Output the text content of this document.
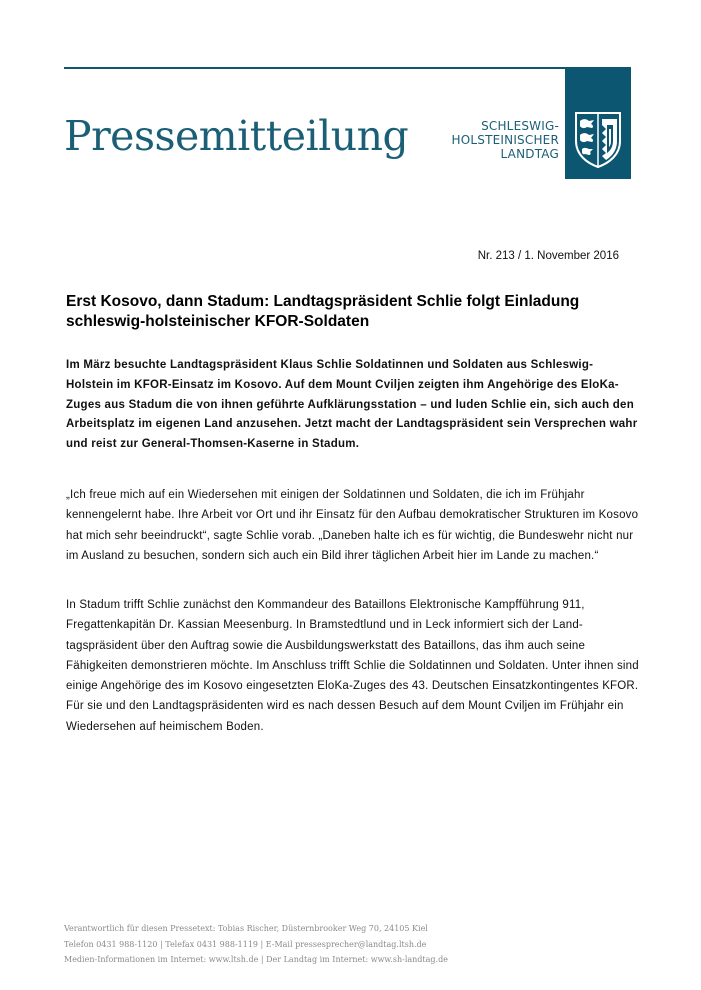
Pressemitteilung	SCHLESWIG-
HOLSTEINISCHER
LANDTAG
Nr. 213 / 1. November 2016
Erst Kosovo, dann Stadum: Landtagspräsident Schlie folgt Einladung schleswig-holsteinischer KFOR-Soldaten
Im März besuchte Landtagspräsident Klaus Schlie Soldatinnen und Soldaten aus Schleswig-Holstein im KFOR-Einsatz im Kosovo. Auf dem Mount Cviljen zeigten ihm Angehörige des EloKa-Zuges aus Stadum die von ihnen geführte Aufklärungsstation – und luden Schlie ein, sich auch den Arbeitsplatz im eigenen Land anzusehen. Jetzt macht der Landtagspräsident sein Versprechen wahr und reist zur General-Thomsen-Kaserne in Stadum.
„Ich freue mich auf ein Wiedersehen mit einigen der Soldatinnen und Soldaten, die ich im Frühjahr kennengelernt habe. Ihre Arbeit vor Ort und ihr Einsatz für den Aufbau demokratischer Strukturen im Kosovo hat mich sehr beeindruckt“, sagte Schlie vorab. „Daneben halte ich es für wichtig, die Bundeswehr nicht nur im Ausland zu besuchen, sondern sich auch ein Bild ihrer täglichen Arbeit hier im Lande zu machen.“
In Stadum trifft Schlie zunächst den Kommandeur des Bataillons Elektronische Kampfführung 911, Fregattenkapitän Dr. Kassian Meesenburg. In Bramstedtlund und in Leck informiert sich der Land-tagspräsident über den Auftrag sowie die Ausbildungswerkstatt des Bataillons, das ihm auch seine Fähigkeiten demonstrieren möchte. Im Anschluss trifft Schlie die Soldatinnen und Soldaten. Unter ihnen sind einige Angehörige des im Kosovo eingesetzten EloKa-Zuges des 43. Deutschen Einsatzkontingentes KFOR. Für sie und den Landtagspräsidenten wird es nach dessen Besuch auf dem Mount Cviljen im Frühjahr ein Wiedersehen auf heimischem Boden.
Verantwortlich für diesen Pressetext: Tobias Rischer, Düsternbrooker Weg 70, 24105 Kiel
Telefon 0431 988-1120 | Telefax 0431 988-1119 | E-Mail pressesprecher@landtag.ltsh.de
Medien-Informationen im Internet: www.ltsh.de | Der Landtag im Internet: www.sh-landtag.de
